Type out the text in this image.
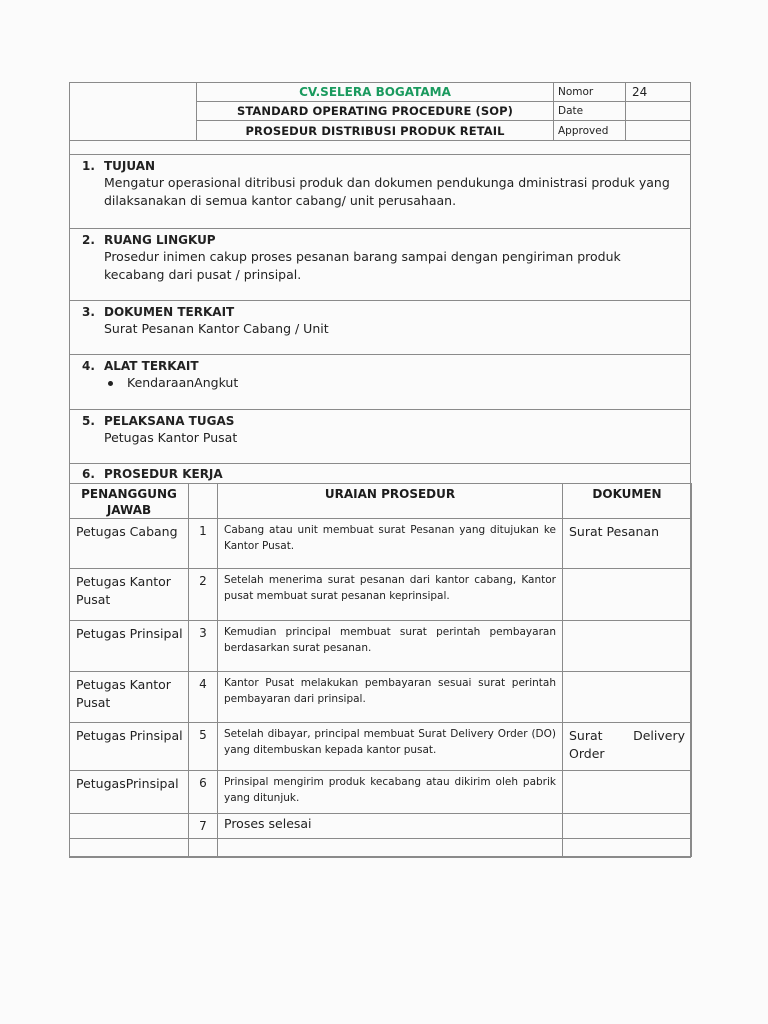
CV.SELERA BOGATAMA
STANDARD OPERATING PROCEDURE (SOP)
PROSEDUR DISTRIBUSI PRODUK RETAIL
Nomor	24
Date
Approved
1. TUJUAN
Mengatur operasional ditribusi produk dan dokumen pendukunga dministrasi produk yang dilaksanakan di semua kantor cabang/ unit perusahaan.
2. RUANG LINGKUP
Prosedur inimen cakup proses pesanan barang sampai dengan pengiriman produk kecabang dari pusat / prinsipal.
3. DOKUMEN TERKAIT
Surat Pesanan Kantor Cabang / Unit
4. ALAT TERKAIT
KendaraanAngkut
5. PELAKSANA TUGAS
Petugas Kantor Pusat
6. PROSEDUR KERJA
PENANGGUNG JAWAB		URAIAN PROSEDUR	DOKUMEN
Petugas Cabang	1	Cabang atau unit membuat surat Pesanan yang ditujukan ke Kantor Pusat.	Surat Pesanan
Petugas Kantor Pusat	2	Setelah menerima surat pesanan dari kantor cabang, Kantor pusat membuat surat pesanan keprinsipal.	
Petugas Prinsipal	3	Kemudian principal membuat surat perintah pembayaran berdasarkan surat pesanan.	
Petugas Kantor Pusat	4	Kantor Pusat melakukan pembayaran sesuai surat perintah pembayaran dari prinsipal.	
Petugas Prinsipal	5	Setelah dibayar, principal membuat Surat Delivery Order (DO) yang ditembuskan kepada kantor pusat.	Surat Delivery Order
PetugasPrinsipal	6	Prinsipal mengirim produk kecabang atau dikirim oleh pabrik yang ditunjuk.	
	7	Proses selesai	
